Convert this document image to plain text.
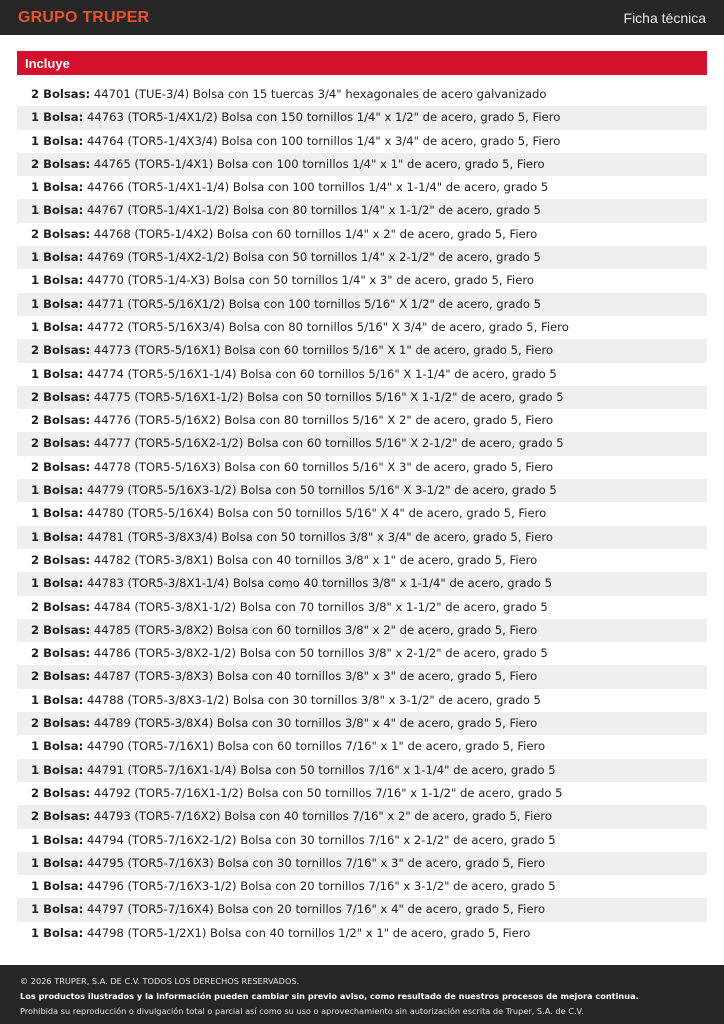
GRUPO TRUPER	Ficha técnica
Incluye
2 Bolsas: 44701 (TUE-3/4) Bolsa con 15 tuercas 3/4" hexagonales de acero galvanizado
1 Bolsa: 44763 (TOR5-1/4X1/2) Bolsa con 150 tornillos 1/4" x 1/2" de acero, grado 5, Fiero
1 Bolsa: 44764 (TOR5-1/4X3/4) Bolsa con 100 tornillos 1/4" x 3/4" de acero, grado 5, Fiero
2 Bolsas: 44765 (TOR5-1/4X1) Bolsa con 100 tornillos 1/4" x 1" de acero, grado 5, Fiero
1 Bolsa: 44766 (TOR5-1/4X1-1/4) Bolsa con 100 tornillos 1/4" x 1-1/4" de acero, grado 5
1 Bolsa: 44767 (TOR5-1/4X1-1/2) Bolsa con 80 tornillos 1/4" x 1-1/2" de acero, grado 5
2 Bolsas: 44768 (TOR5-1/4X2) Bolsa con 60 tornillos 1/4" x 2" de acero, grado 5, Fiero
1 Bolsa: 44769 (TOR5-1/4X2-1/2) Bolsa con 50 tornillos 1/4" x 2-1/2" de acero, grado 5
1 Bolsa: 44770 (TOR5-1/4-X3) Bolsa con 50 tornillos 1/4" x 3" de acero, grado 5, Fiero
1 Bolsa: 44771 (TOR5-5/16X1/2) Bolsa con 100 tornillos 5/16" X 1/2" de acero, grado 5
1 Bolsa: 44772 (TOR5-5/16X3/4) Bolsa con 80 tornillos 5/16" X 3/4" de acero, grado 5, Fiero
2 Bolsas: 44773 (TOR5-5/16X1) Bolsa con 60 tornillos 5/16" X 1" de acero, grado 5, Fiero
1 Bolsa: 44774 (TOR5-5/16X1-1/4) Bolsa con 60 tornillos 5/16" X 1-1/4" de acero, grado 5
2 Bolsas: 44775 (TOR5-5/16X1-1/2) Bolsa con 50 tornillos 5/16" X 1-1/2" de acero, grado 5
2 Bolsas: 44776 (TOR5-5/16X2) Bolsa con 80 tornillos 5/16" X 2" de acero, grado 5, Fiero
2 Bolsas: 44777 (TOR5-5/16X2-1/2) Bolsa con 60 tornillos 5/16" X 2-1/2" de acero, grado 5
2 Bolsas: 44778 (TOR5-5/16X3) Bolsa con 60 tornillos 5/16" X 3" de acero, grado 5, Fiero
1 Bolsa: 44779 (TOR5-5/16X3-1/2) Bolsa con 50 tornillos 5/16" X 3-1/2" de acero, grado 5
1 Bolsa: 44780 (TOR5-5/16X4) Bolsa con 50 tornillos 5/16" X 4" de acero, grado 5, Fiero
1 Bolsa: 44781 (TOR5-3/8X3/4) Bolsa con 50 tornillos 3/8" x 3/4" de acero, grado 5, Fiero
2 Bolsas: 44782 (TOR5-3/8X1) Bolsa con 40 tornillos 3/8" x 1" de acero, grado 5, Fiero
1 Bolsa: 44783 (TOR5-3/8X1-1/4) Bolsa como 40 tornillos 3/8" x 1-1/4" de acero, grado 5
2 Bolsas: 44784 (TOR5-3/8X1-1/2) Bolsa con 70 tornillos 3/8" x 1-1/2" de acero, grado 5
2 Bolsas: 44785 (TOR5-3/8X2) Bolsa con 60 tornillos 3/8" x 2" de acero, grado 5, Fiero
2 Bolsas: 44786 (TOR5-3/8X2-1/2) Bolsa con 50 tornillos 3/8" x 2-1/2" de acero, grado 5
2 Bolsas: 44787 (TOR5-3/8X3) Bolsa con 40 tornillos 3/8" x 3" de acero, grado 5, Fiero
1 Bolsa: 44788 (TOR5-3/8X3-1/2) Bolsa con 30 tornillos 3/8" x 3-1/2" de acero, grado 5
2 Bolsas: 44789 (TOR5-3/8X4) Bolsa con 30 tornillos 3/8" x 4" de acero, grado 5, Fiero
1 Bolsa: 44790 (TOR5-7/16X1) Bolsa con 60 tornillos 7/16" x 1" de acero, grado 5, Fiero
1 Bolsa: 44791 (TOR5-7/16X1-1/4) Bolsa con 50 tornillos 7/16" x 1-1/4" de acero, grado 5
2 Bolsas: 44792 (TOR5-7/16X1-1/2) Bolsa con 50 tornillos 7/16" x 1-1/2" de acero, grado 5
2 Bolsas: 44793 (TOR5-7/16X2) Bolsa con 40 tornillos 7/16" x 2" de acero, grado 5, Fiero
1 Bolsa: 44794 (TOR5-7/16X2-1/2) Bolsa con 30 tornillos 7/16" x 2-1/2" de acero, grado 5
1 Bolsa: 44795 (TOR5-7/16X3) Bolsa con 30 tornillos 7/16" x 3" de acero, grado 5, Fiero
1 Bolsa: 44796 (TOR5-7/16X3-1/2) Bolsa con 20 tornillos 7/16" x 3-1/2" de acero, grado 5
1 Bolsa: 44797 (TOR5-7/16X4) Bolsa con 20 tornillos 7/16" x 4" de acero, grado 5, Fiero
1 Bolsa: 44798 (TOR5-1/2X1) Bolsa con 40 tornillos 1/2" x 1" de acero, grado 5, Fiero
© 2026 TRUPER, S.A. DE C.V. TODOS LOS DERECHOS RESERVADOS.
Los productos ilustrados y la información pueden cambiar sin previo aviso, como resultado de nuestros procesos de mejora continua.
Prohibida su reproducción o divulgación total o parcial así como su uso o aprovechamiento sin autorización escrita de Truper, S.A. de C.V.
